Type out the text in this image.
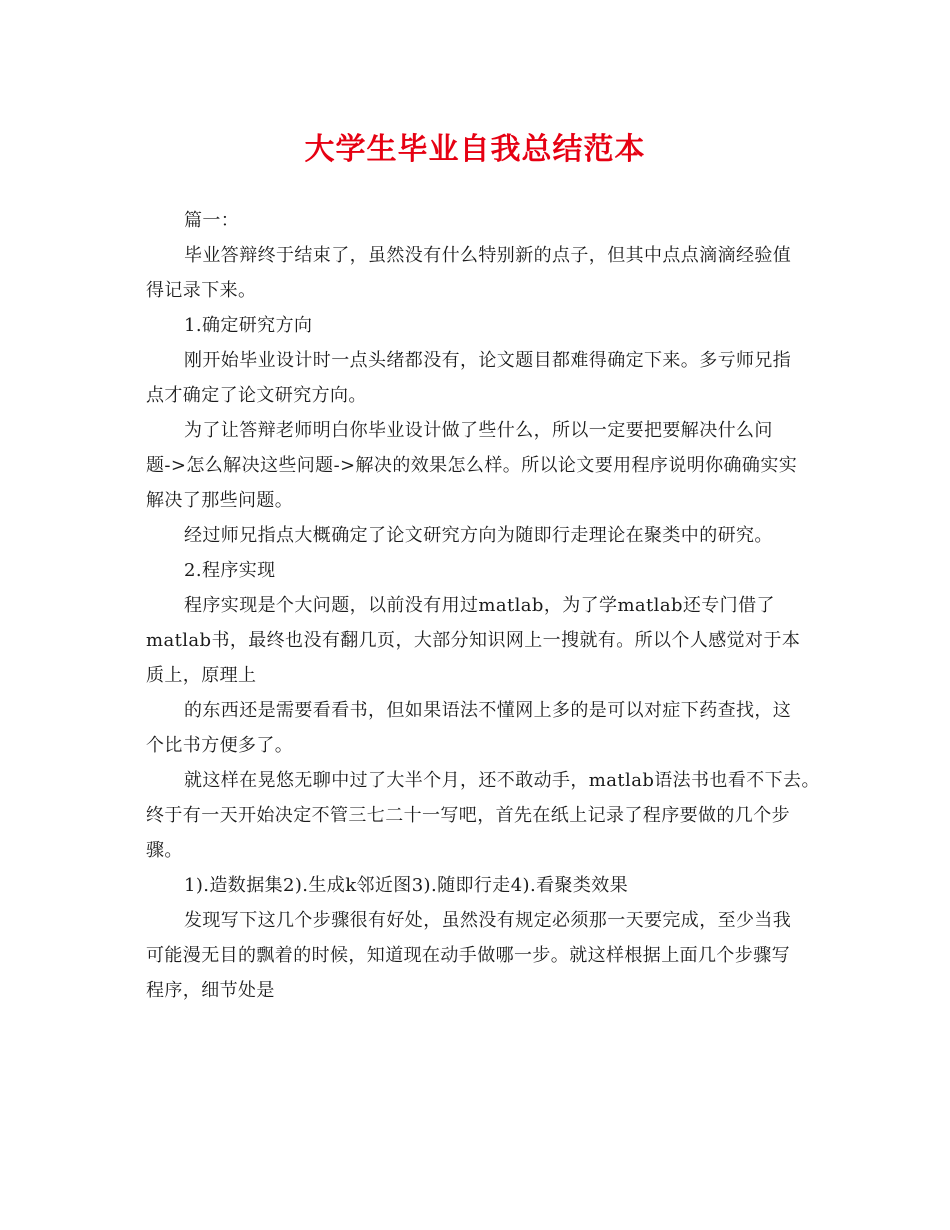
大学生毕业自我总结范本
篇一：
毕业答辩终于结束了，虽然没有什么特别新的点子，但其中点点滴滴经验值
得记录下来。
1.确定研究方向
刚开始毕业设计时一点头绪都没有，论文题目都难得确定下来。多亏师兄指
点才确定了论文研究方向。
为了让答辩老师明白你毕业设计做了些什么，所以一定要把要解决什么问
题->怎么解决这些问题->解决的效果怎么样。所以论文要用程序说明你确确实实
解决了那些问题。
经过师兄指点大概确定了论文研究方向为随即行走理论在聚类中的研究。
2.程序实现
程序实现是个大问题，以前没有用过matlab，为了学matlab还专门借了
matlab书，最终也没有翻几页，大部分知识网上一搜就有。所以个人感觉对于本
质上，原理上
的东西还是需要看看书，但如果语法不懂网上多的是可以对症下药查找，这
个比书方便多了。
就这样在晃悠无聊中过了大半个月，还不敢动手，matlab语法书也看不下去。
终于有一天开始决定不管三七二十一写吧，首先在纸上记录了程序要做的几个步
骤。
1).造数据集2).生成k邻近图3).随即行走4).看聚类效果
发现写下这几个步骤很有好处，虽然没有规定必须那一天要完成，至少当我
可能漫无目的飘着的时候，知道现在动手做哪一步。就这样根据上面几个步骤写
程序，细节处是
